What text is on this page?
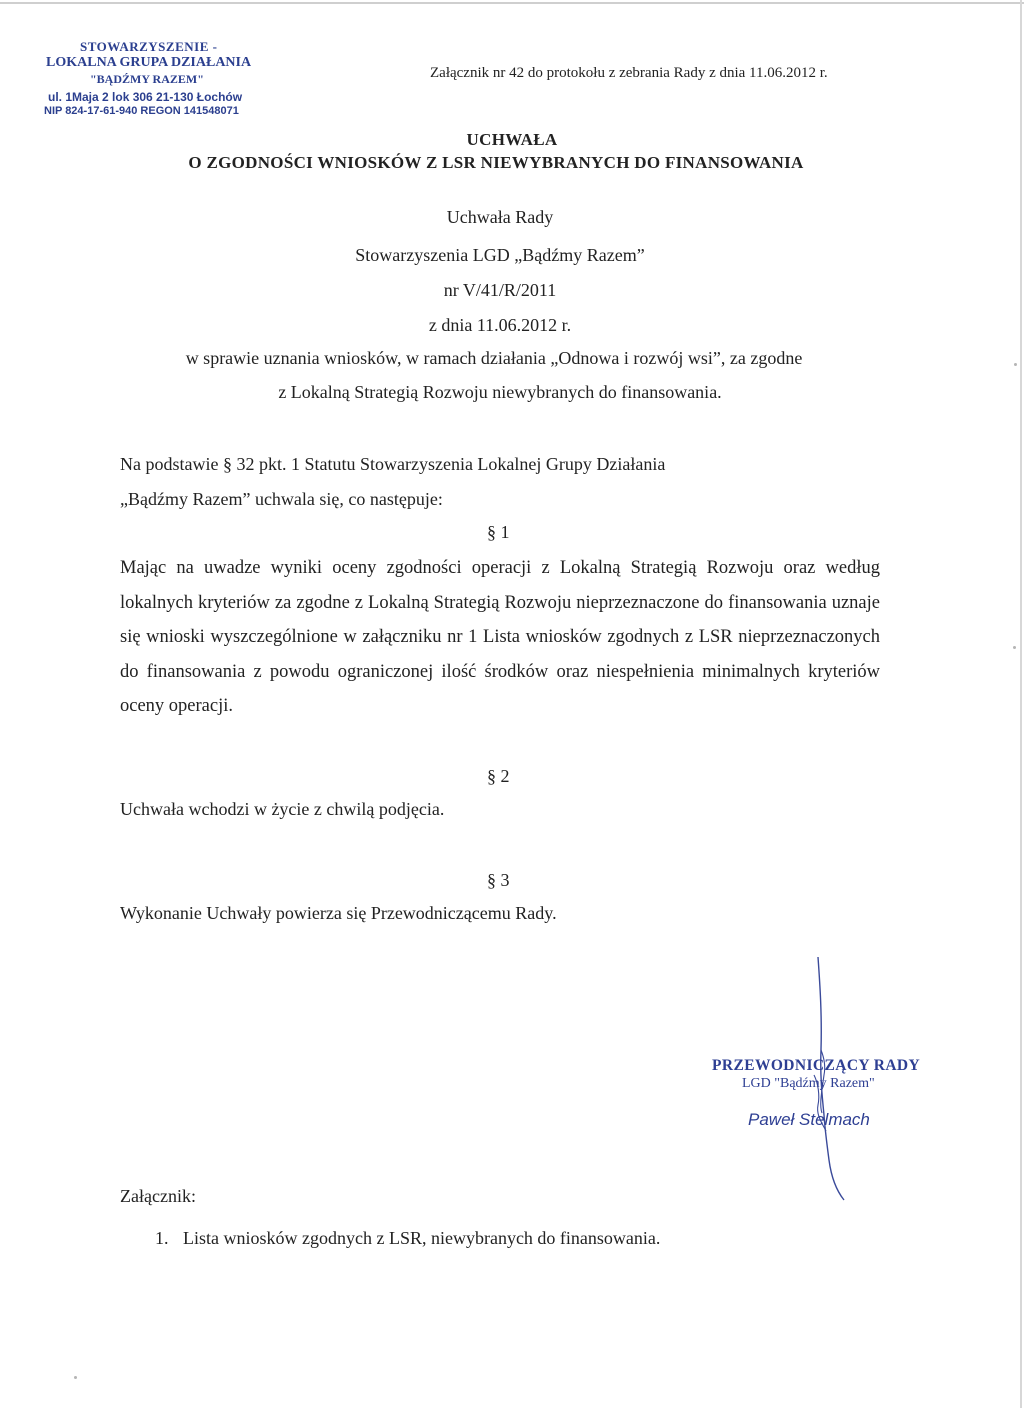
STOWARZYSZENIE -
LOKALNA GRUPA DZIAŁANIA
"BĄDŹMY RAZEM"
ul. 1Maja 2 lok 306 21-130 Łochów
NIP 824-17-61-940 REGON 141548071
Załącznik nr 42 do protokołu z zebrania Rady z dnia 11.06.2012 r.
UCHWAŁA
O ZGODNOŚCI WNIOSKÓW Z LSR NIEWYBRANYCH DO FINANSOWANIA
Uchwała Rady
Stowarzyszenia LGD „Bądźmy Razem”
nr V/41/R/2011
z dnia 11.06.2012 r.
w sprawie uznania wniosków, w ramach działania „Odnowa i rozwój wsi”, za zgodne
z Lokalną Strategią Rozwoju niewybranych do finansowania.
Na podstawie § 32 pkt. 1 Statutu Stowarzyszenia Lokalnej Grupy Działania
„Bądźmy Razem” uchwala się, co następuje:
§ 1
Mając na uwadze wyniki oceny zgodności operacji z Lokalną Strategią Rozwoju oraz według lokalnych kryteriów za zgodne z Lokalną Strategią Rozwoju nieprzeznaczone do finansowania uznaje się wnioski wyszczególnione w załączniku nr 1 Lista wniosków zgodnych z LSR nieprzeznaczonych do finansowania z powodu ograniczonej ilość środków oraz niespełnienia minimalnych kryteriów oceny operacji.
§ 2
Uchwała wchodzi w życie z chwilą podjęcia.
§ 3
Wykonanie Uchwały powierza się Przewodniczącemu Rady.
PRZEWODNICZĄCY RADY
LGD "Bądźmy Razem"
Paweł Stelmach
Załącznik:
1. Lista wniosków zgodnych z LSR, niewybranych do finansowania.
